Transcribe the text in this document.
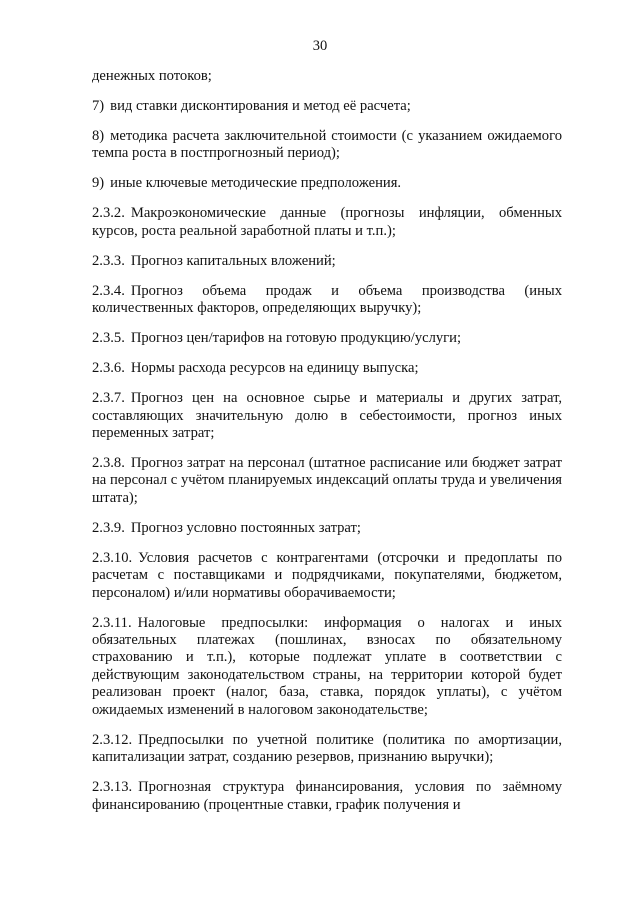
30

денежных потоков;

7) вид ставки дисконтирования и метод её расчета;

8) методика расчета заключительной стоимости (с указанием ожидаемого темпа роста в постпрогнозный период);

9) иные ключевые методические предположения.

2.3.2. Макроэкономические данные (прогнозы инфляции, обменных курсов, роста реальной заработной платы и т.п.);

2.3.3. Прогноз капитальных вложений;

2.3.4. Прогноз объема продаж и объема производства (иных количественных факторов, определяющих выручку);

2.3.5. Прогноз цен/тарифов на готовую продукцию/услуги;

2.3.6. Нормы расхода ресурсов на единицу выпуска;

2.3.7. Прогноз цен на основное сырье и материалы и других затрат, составляющих значительную долю в себестоимости, прогноз иных переменных затрат;

2.3.8. Прогноз затрат на персонал (штатное расписание или бюджет затрат на персонал с учётом планируемых индексаций оплаты труда и увеличения штата);

2.3.9. Прогноз условно постоянных затрат;

2.3.10. Условия расчетов с контрагентами (отсрочки и предоплаты по расчетам с поставщиками и подрядчиками, покупателями, бюджетом, персоналом) и/или нормативы оборачиваемости;

2.3.11. Налоговые предпосылки: информация о налогах и иных обязательных платежах (пошлинах, взносах по обязательному страхованию и т.п.), которые подлежат уплате в соответствии с действующим законодательством страны, на территории которой будет реализован проект (налог, база, ставка, порядок уплаты), с учётом ожидаемых изменений в налоговом законодательстве;

2.3.12. Предпосылки по учетной политике (политика по амортизации, капитализации затрат, созданию резервов, признанию выручки);

2.3.13. Прогнозная структура финансирования, условия по заёмному финансированию (процентные ставки, график получения и
